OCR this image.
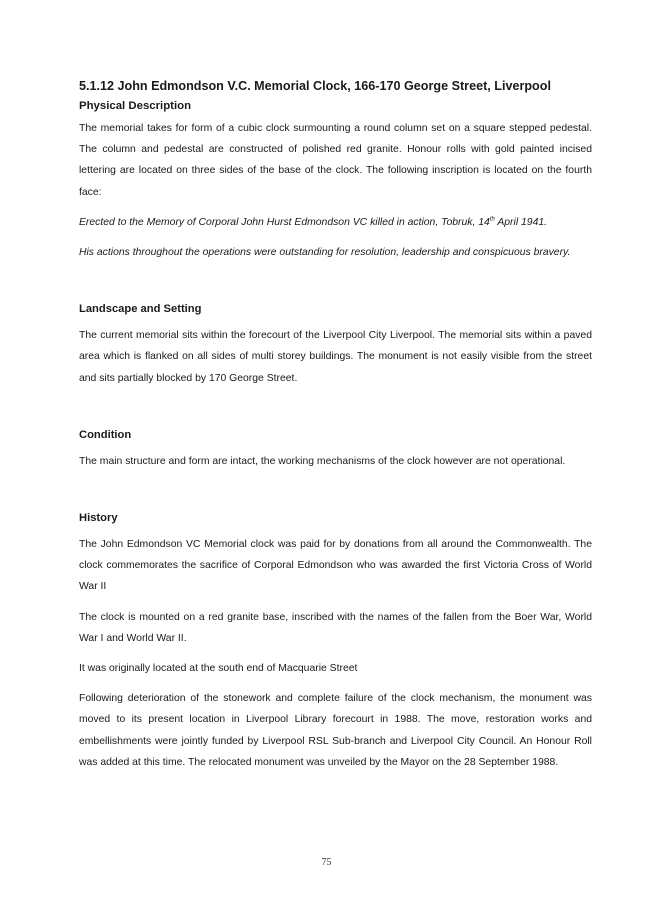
5.1.12 John Edmondson V.C. Memorial Clock, 166-170 George Street, Liverpool
Physical Description

The memorial takes for form of a cubic clock surmounting a round column set on a square stepped pedestal. The column and pedestal are constructed of polished red granite. Honour rolls with gold painted incised lettering are located on three sides of the base of the clock. The following inscription is located on the fourth face:

Erected to the Memory of Corporal John Hurst Edmondson VC killed in action, Tobruk, 14th April 1941.

His actions throughout the operations were outstanding for resolution, leadership and conspicuous bravery.

Landscape and Setting

The current memorial sits within the forecourt of the Liverpool City Liverpool. The memorial sits within a paved area which is flanked on all sides of multi storey buildings. The monument is not easily visible from the street and sits partially blocked by 170 George Street.

Condition

The main structure and form are intact, the working mechanisms of the clock however are not operational.

History

The John Edmondson VC Memorial clock was paid for by donations from all around the Commonwealth. The clock commemorates the sacrifice of Corporal Edmondson who was awarded the first Victoria Cross of World War II

The clock is mounted on a red granite base, inscribed with the names of the fallen from the Boer War, World War I and World War II.

It was originally located at the south end of Macquarie Street

Following deterioration of the stonework and complete failure of the clock mechanism, the monument was moved to its present location in Liverpool Library forecourt in 1988. The move, restoration works and embellishments were jointly funded by Liverpool RSL Sub-branch and Liverpool City Council. An Honour Roll was added at this time. The relocated monument was unveiled by the Mayor on the 28 September 1988.

75
